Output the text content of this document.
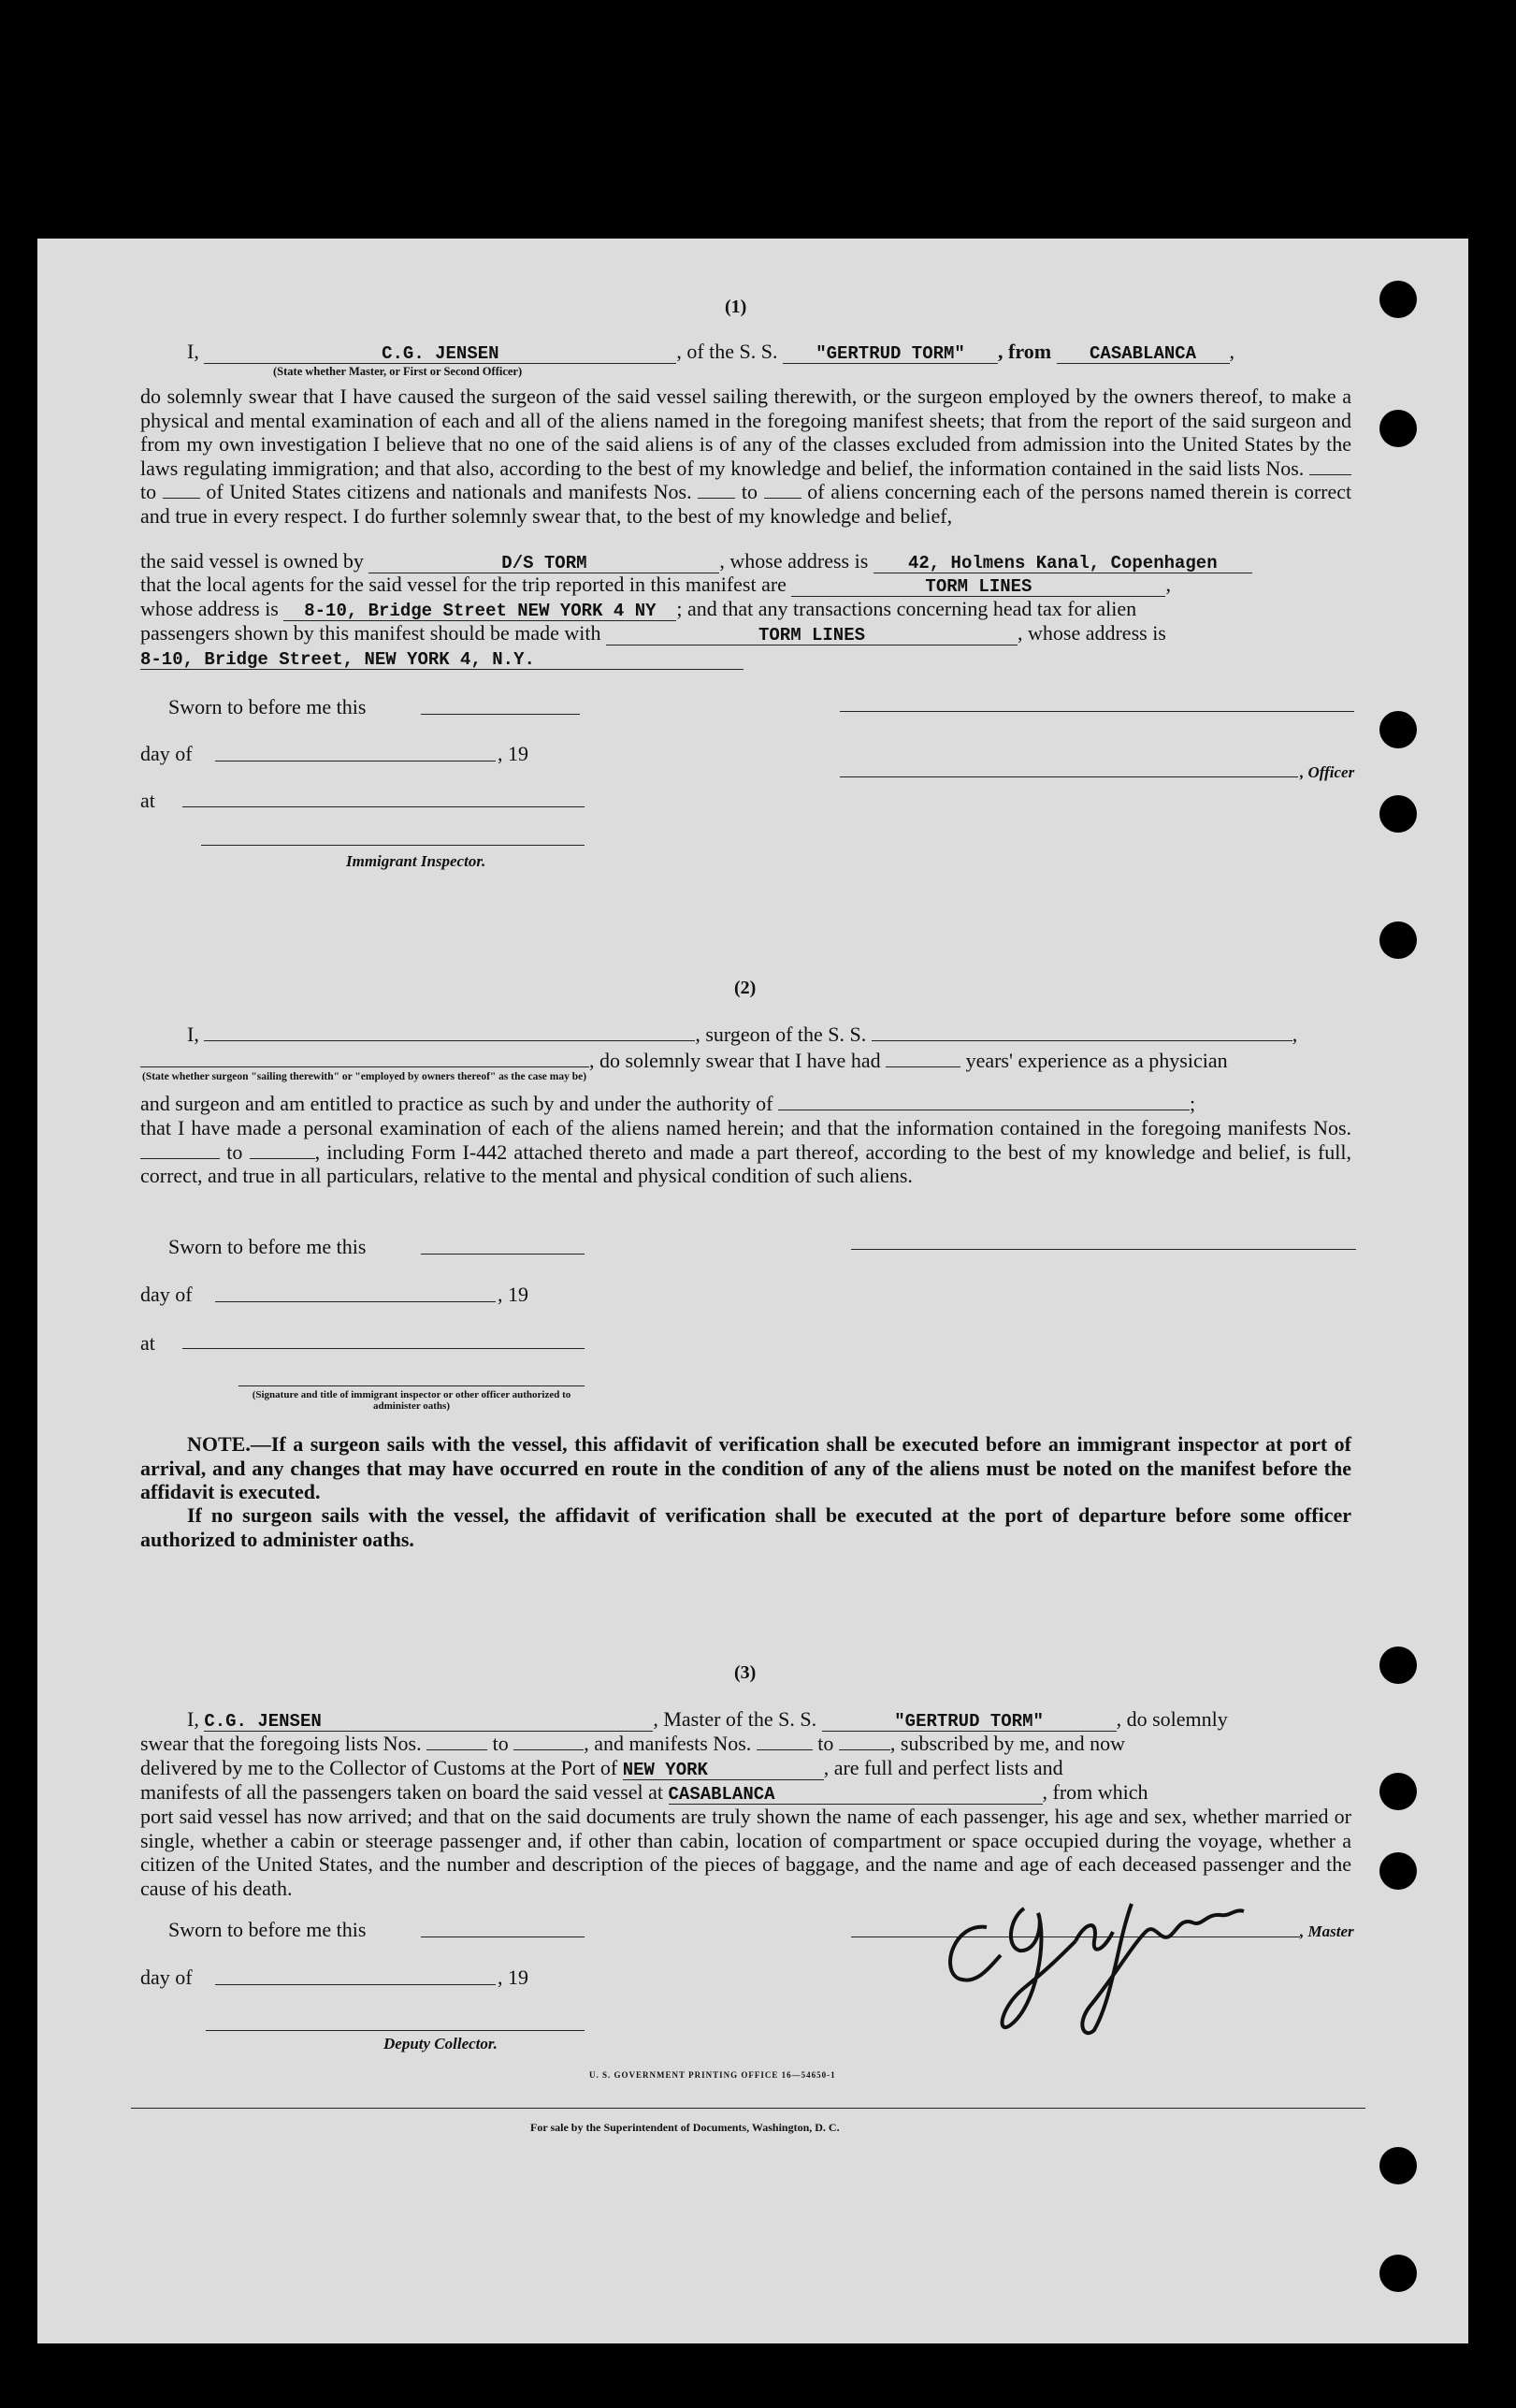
(1)
I,	C.G. JENSEN	, of the S. S. "GERTRUD TORM" , from CASABLANCA ,
(State whether Master, or First or Second Officer)
do solemnly swear that I have caused the surgeon of the said vessel sailing therewith, or the surgeon employed by the owners thereof, to make a physical and mental examination of each and all of the aliens named in the foregoing manifest sheets; that from the report of the said surgeon and from my own investigation I believe that no one of the said aliens is of any of the classes excluded from admission into the United States by the laws regulating immigration; and that also, according to the best of my knowledge and belief, the information contained in the said lists Nos.  to of United States citizens and nationals and manifests Nos. to of aliens concerning each of the persons named therein is correct and true in every respect. I do further solemnly swear that, to the best of my knowledge and belief,
the said vessel is owned by	D/S TORM	, whose address is 42, Holmens Kanal, Copenhagen
that the local agents for the said vessel for the trip reported in this manifest are	TORM LINES	,
whose address is 8-10, Bridge Street NEW YORK 4 NY ; and that any transactions concerning head tax for alien
passengers shown by this manifest should be made with	TORM LINES	, whose address is
8-10, Bridge Street, NEW YORK 4, N.Y.
Sworn to before me this
day of	, 19
at
Immigrant Inspector.
, Officer
(2)
I,	, surgeon of the S. S.	,
, do solemnly swear that I have had	years' experience as a physician
(State whether surgeon "sailing therewith" or "employed by owners thereof" as the case may be)
and surgeon and am entitled to practice as such by and under the authority of	;
that I have made a personal examination of each of the aliens named herein; and that the information contained in the foregoing manifests Nos.  to	, including Form I-442 attached thereto and made a part thereof, according to the best of my knowledge and belief, is full, correct, and true in all particulars, relative to the mental and physical condition of such aliens.
Sworn to before me this
day of	, 19
at
(Signature and title of immigrant inspector or other officer authorized to administer oaths)
NOTE.—If a surgeon sails with the vessel, this affidavit of verification shall be executed before an immigrant inspector at port of arrival, and any changes that may have occurred en route in the condition of any of the aliens must be noted on the manifest before the affidavit is executed.
If no surgeon sails with the vessel, the affidavit of verification shall be executed at the port of departure before some officer authorized to administer oaths.
(3)
I, C.G. JENSEN	, Master of the S. S.	"GERTRUD TORM"	, do solemnly
swear that the foregoing lists Nos.	to	, and manifests Nos.	to	, subscribed by me, and now
delivered by me to the Collector of Customs at the Port of NEW YORK	, are full and perfect lists and
manifests of all the passengers taken on board the said vessel at CASABLANCA	, from which
port said vessel has now arrived; and that on the said documents are truly shown the name of each passenger, his age and sex, whether married or single, whether a cabin or steerage passenger and, if other than cabin, location of compartment or space occupied during the voyage, whether a citizen of the United States, and the number and description of the pieces of baggage, and the name and age of each deceased passenger and the cause of his death.
Sworn to before me this
day of	, 19
Deputy Collector.
, Master
U. S. GOVERNMENT PRINTING OFFICE 16—54650-1
For sale by the Superintendent of Documents, Washington, D. C.
